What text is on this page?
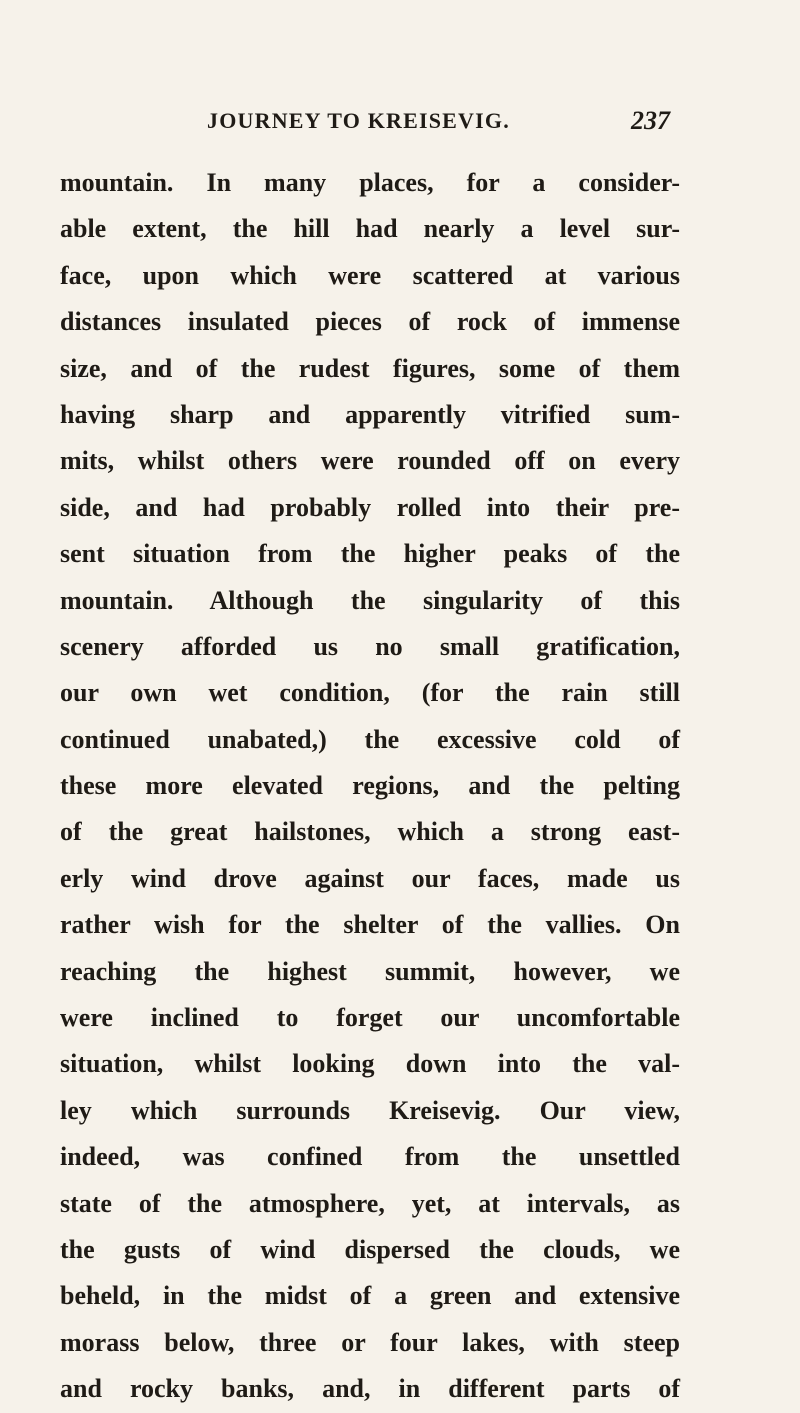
JOURNEY TO KREISEVIG.	237
mountain. In many places, for a consider-
able extent, the hill had nearly a level sur-
face, upon which were scattered at various
distances insulated pieces of rock of immense
size, and of the rudest figures, some of them
having sharp and apparently vitrified sum-
mits, whilst others were rounded off on every
side, and had probably rolled into their pre-
sent situation from the higher peaks of the
mountain. Although the singularity of this
scenery afforded us no small gratification,
our own wet condition, (for the rain still
continued unabated,) the excessive cold of
these more elevated regions, and the pelting
of the great hailstones, which a strong east-
erly wind drove against our faces, made us
rather wish for the shelter of the vallies. On
reaching the highest summit, however, we
were inclined to forget our uncomfortable
situation, whilst looking down into the val-
ley which surrounds Kreisevig. Our view,
indeed, was confined from the unsettled
state of the atmosphere, yet, at intervals, as
the gusts of wind dispersed the clouds, we
beheld, in the midst of a green and extensive
morass below, three or four lakes, with steep
and rocky banks, and, in different parts of
